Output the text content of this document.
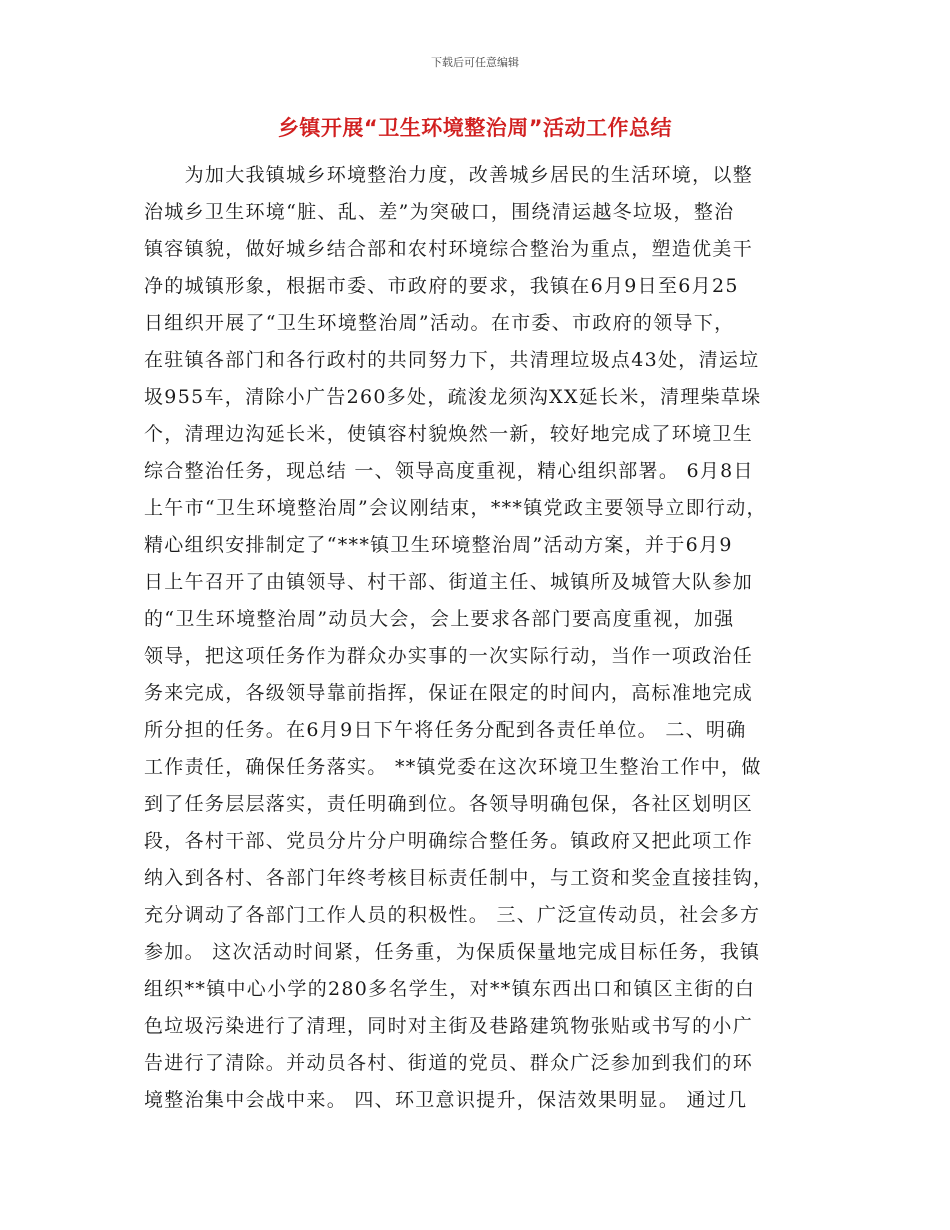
下载后可任意编辑
乡镇开展“卫生环境整治周”活动工作总结
　　为加大我镇城乡环境整治力度，改善城乡居民的生活环境，以整
治城乡卫生环境“脏、乱、差”为突破口，围绕清运越冬垃圾，整治
镇容镇貌，做好城乡结合部和农村环境综合整治为重点，塑造优美干
净的城镇形象，根据市委、市政府的要求，我镇在6月9日至6月25
日组织开展了“卫生环境整治周”活动。在市委、市政府的领导下，
在驻镇各部门和各行政村的共同努力下，共清理垃圾点43处，清运垃
圾955车，清除小广告260多处，疏浚龙须沟XX延长米，清理柴草垛
个，清理边沟延长米，使镇容村貌焕然一新，较好地完成了环境卫生
综合整治任务，现总结 一、领导高度重视，精心组织部署。 6月8日
上午市“卫生环境整治周”会议刚结束，***镇党政主要领导立即行动，
精心组织安排制定了“***镇卫生环境整治周”活动方案，并于6月9
日上午召开了由镇领导、村干部、街道主任、城镇所及城管大队参加
的“卫生环境整治周”动员大会，会上要求各部门要高度重视，加强
领导，把这项任务作为群众办实事的一次实际行动，当作一项政治任
务来完成，各级领导靠前指挥，保证在限定的时间内，高标准地完成
所分担的任务。在6月9日下午将任务分配到各责任单位。 二、明确
工作责任，确保任务落实。 **镇党委在这次环境卫生整治工作中，做
到了任务层层落实，责任明确到位。各领导明确包保，各社区划明区
段，各村干部、党员分片分户明确综合整任务。镇政府又把此项工作
纳入到各村、各部门年终考核目标责任制中，与工资和奖金直接挂钩，
充分调动了各部门工作人员的积极性。 三、广泛宣传动员，社会多方
参加。 这次活动时间紧，任务重，为保质保量地完成目标任务，我镇
组织**镇中心小学的280多名学生，对**镇东西出口和镇区主街的白
色垃圾污染进行了清理，同时对主街及巷路建筑物张贴或书写的小广
告进行了清除。并动员各村、街道的党员、群众广泛参加到我们的环
境整治集中会战中来。 四、环卫意识提升，保洁效果明显。 通过几
